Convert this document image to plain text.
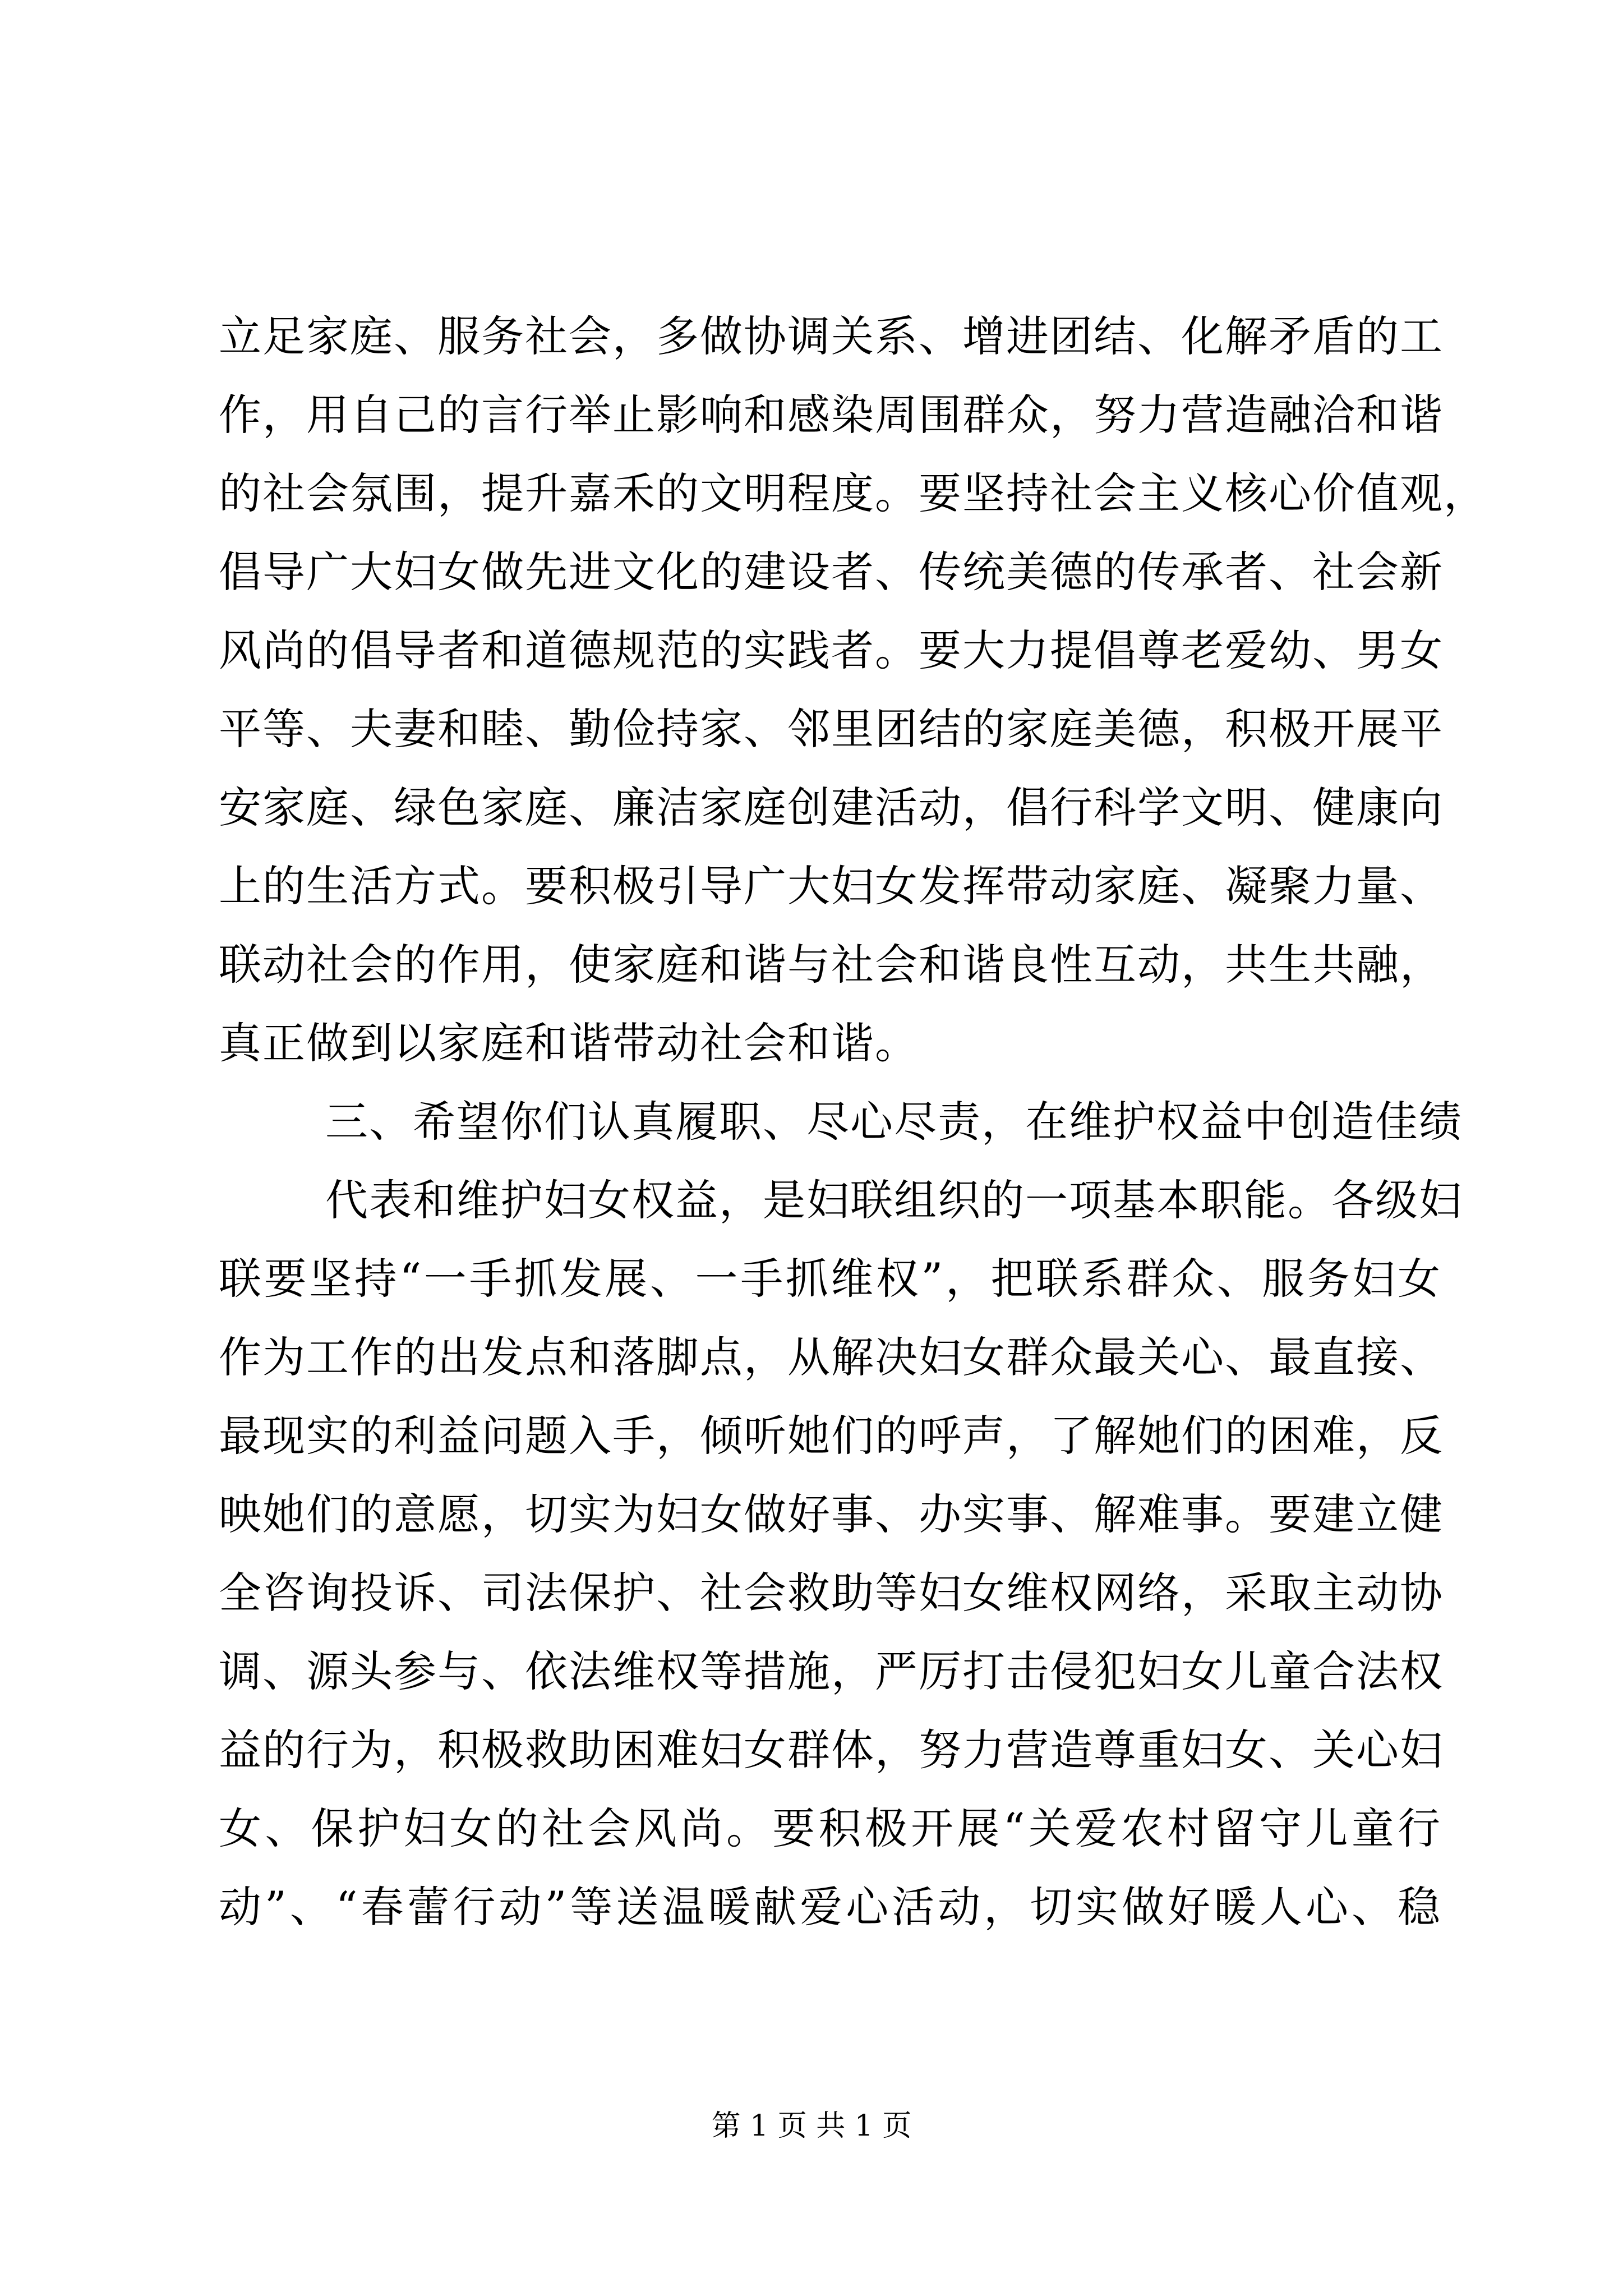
立足家庭、服务社会，多做协调关系、增进团结、化解矛盾的工
作，用自己的言行举止影响和感染周围群众，努力营造融洽和谐
的社会氛围，提升嘉禾的文明程度。要坚持社会主义核心价值观，
倡导广大妇女做先进文化的建设者、传统美德的传承者、社会新
风尚的倡导者和道德规范的实践者。要大力提倡尊老爱幼、男女
平等、夫妻和睦、勤俭持家、邻里团结的家庭美德，积极开展平
安家庭、绿色家庭、廉洁家庭创建活动，倡行科学文明、健康向
上的生活方式。要积极引导广大妇女发挥带动家庭、凝聚力量、
联动社会的作用，使家庭和谐与社会和谐良性互动，共生共融，
真正做到以家庭和谐带动社会和谐。
三、希望你们认真履职、尽心尽责，在维护权益中创造佳绩
代表和维护妇女权益，是妇联组织的一项基本职能。各级妇
联要坚持“一手抓发展、一手抓维权”，把联系群众、服务妇女
作为工作的出发点和落脚点，从解决妇女群众最关心、最直接、
最现实的利益问题入手，倾听她们的呼声，了解她们的困难，反
映她们的意愿，切实为妇女做好事、办实事、解难事。要建立健
全咨询投诉、司法保护、社会救助等妇女维权网络，采取主动协
调、源头参与、依法维权等措施，严厉打击侵犯妇女儿童合法权
益的行为，积极救助困难妇女群体，努力营造尊重妇女、关心妇
女、保护妇女的社会风尚。要积极开展“关爱农村留守儿童行
动”、“春蕾行动”等送温暖献爱心活动，切实做好暖人心、稳
第 1 页 共 1 页
